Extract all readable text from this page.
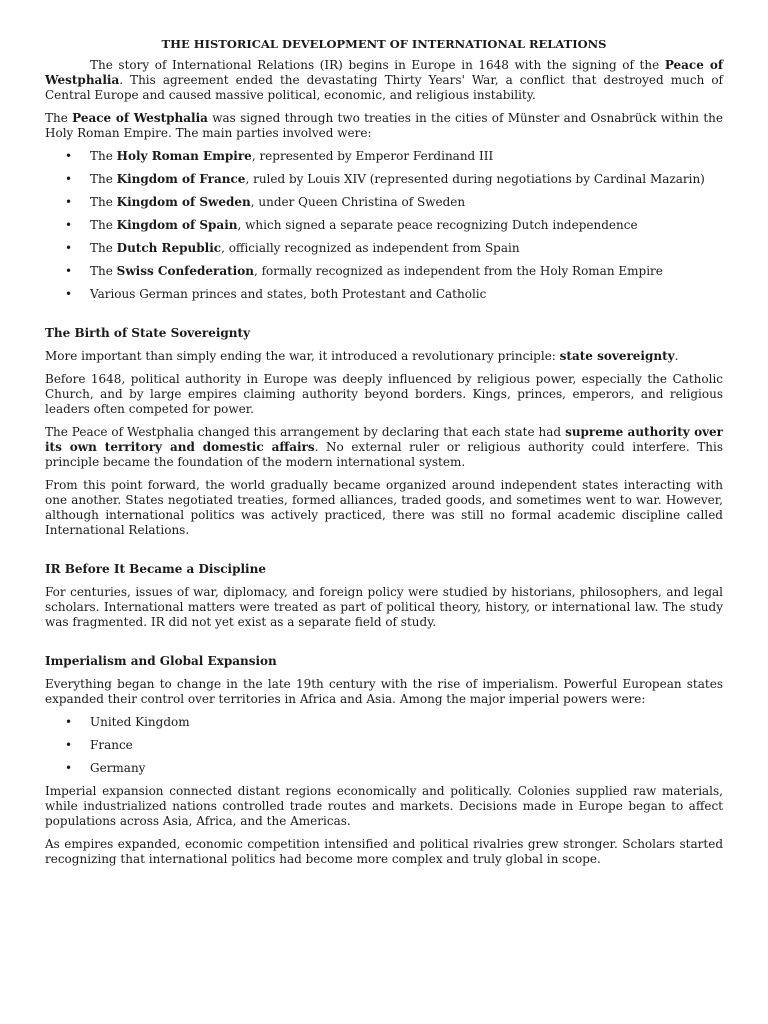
THE HISTORICAL DEVELOPMENT OF INTERNATIONAL RELATIONS

The story of International Relations (IR) begins in Europe in 1648 with the signing of the Peace of Westphalia. This agreement ended the devastating Thirty Years' War, a conflict that destroyed much of Central Europe and caused massive political, economic, and religious instability.

The Peace of Westphalia was signed through two treaties in the cities of Münster and Osnabrück within the Holy Roman Empire. The main parties involved were:

• The Holy Roman Empire, represented by Emperor Ferdinand III
• The Kingdom of France, ruled by Louis XIV (represented during negotiations by Cardinal Mazarin)
• The Kingdom of Sweden, under Queen Christina of Sweden
• The Kingdom of Spain, which signed a separate peace recognizing Dutch independence
• The Dutch Republic, officially recognized as independent from Spain
• The Swiss Confederation, formally recognized as independent from the Holy Roman Empire
• Various German princes and states, both Protestant and Catholic
The Birth of State Sovereignty

More important than simply ending the war, it introduced a revolutionary principle: state sovereignty.

Before 1648, political authority in Europe was deeply influenced by religious power, especially the Catholic Church, and by large empires claiming authority beyond borders. Kings, princes, emperors, and religious leaders often competed for power.

The Peace of Westphalia changed this arrangement by declaring that each state had supreme authority over its own territory and domestic affairs. No external ruler or religious authority could interfere. This principle became the foundation of the modern international system.

From this point forward, the world gradually became organized around independent states interacting with one another. States negotiated treaties, formed alliances, traded goods, and sometimes went to war. However, although international politics was actively practiced, there was still no formal academic discipline called International Relations.

IR Before It Became a Discipline

For centuries, issues of war, diplomacy, and foreign policy were studied by historians, philosophers, and legal scholars. International matters were treated as part of political theory, history, or international law. The study was fragmented. IR did not yet exist as a separate field of study.

Imperialism and Global Expansion

Everything began to change in the late 19th century with the rise of imperialism. Powerful European states expanded their control over territories in Africa and Asia. Among the major imperial powers were:

• United Kingdom
• France
• Germany

Imperial expansion connected distant regions economically and politically. Colonies supplied raw materials, while industrialized nations controlled trade routes and markets. Decisions made in Europe began to affect populations across Asia, Africa, and the Americas.

As empires expanded, economic competition intensified and political rivalries grew stronger. Scholars started recognizing that international politics had become more complex and truly global in scope.
